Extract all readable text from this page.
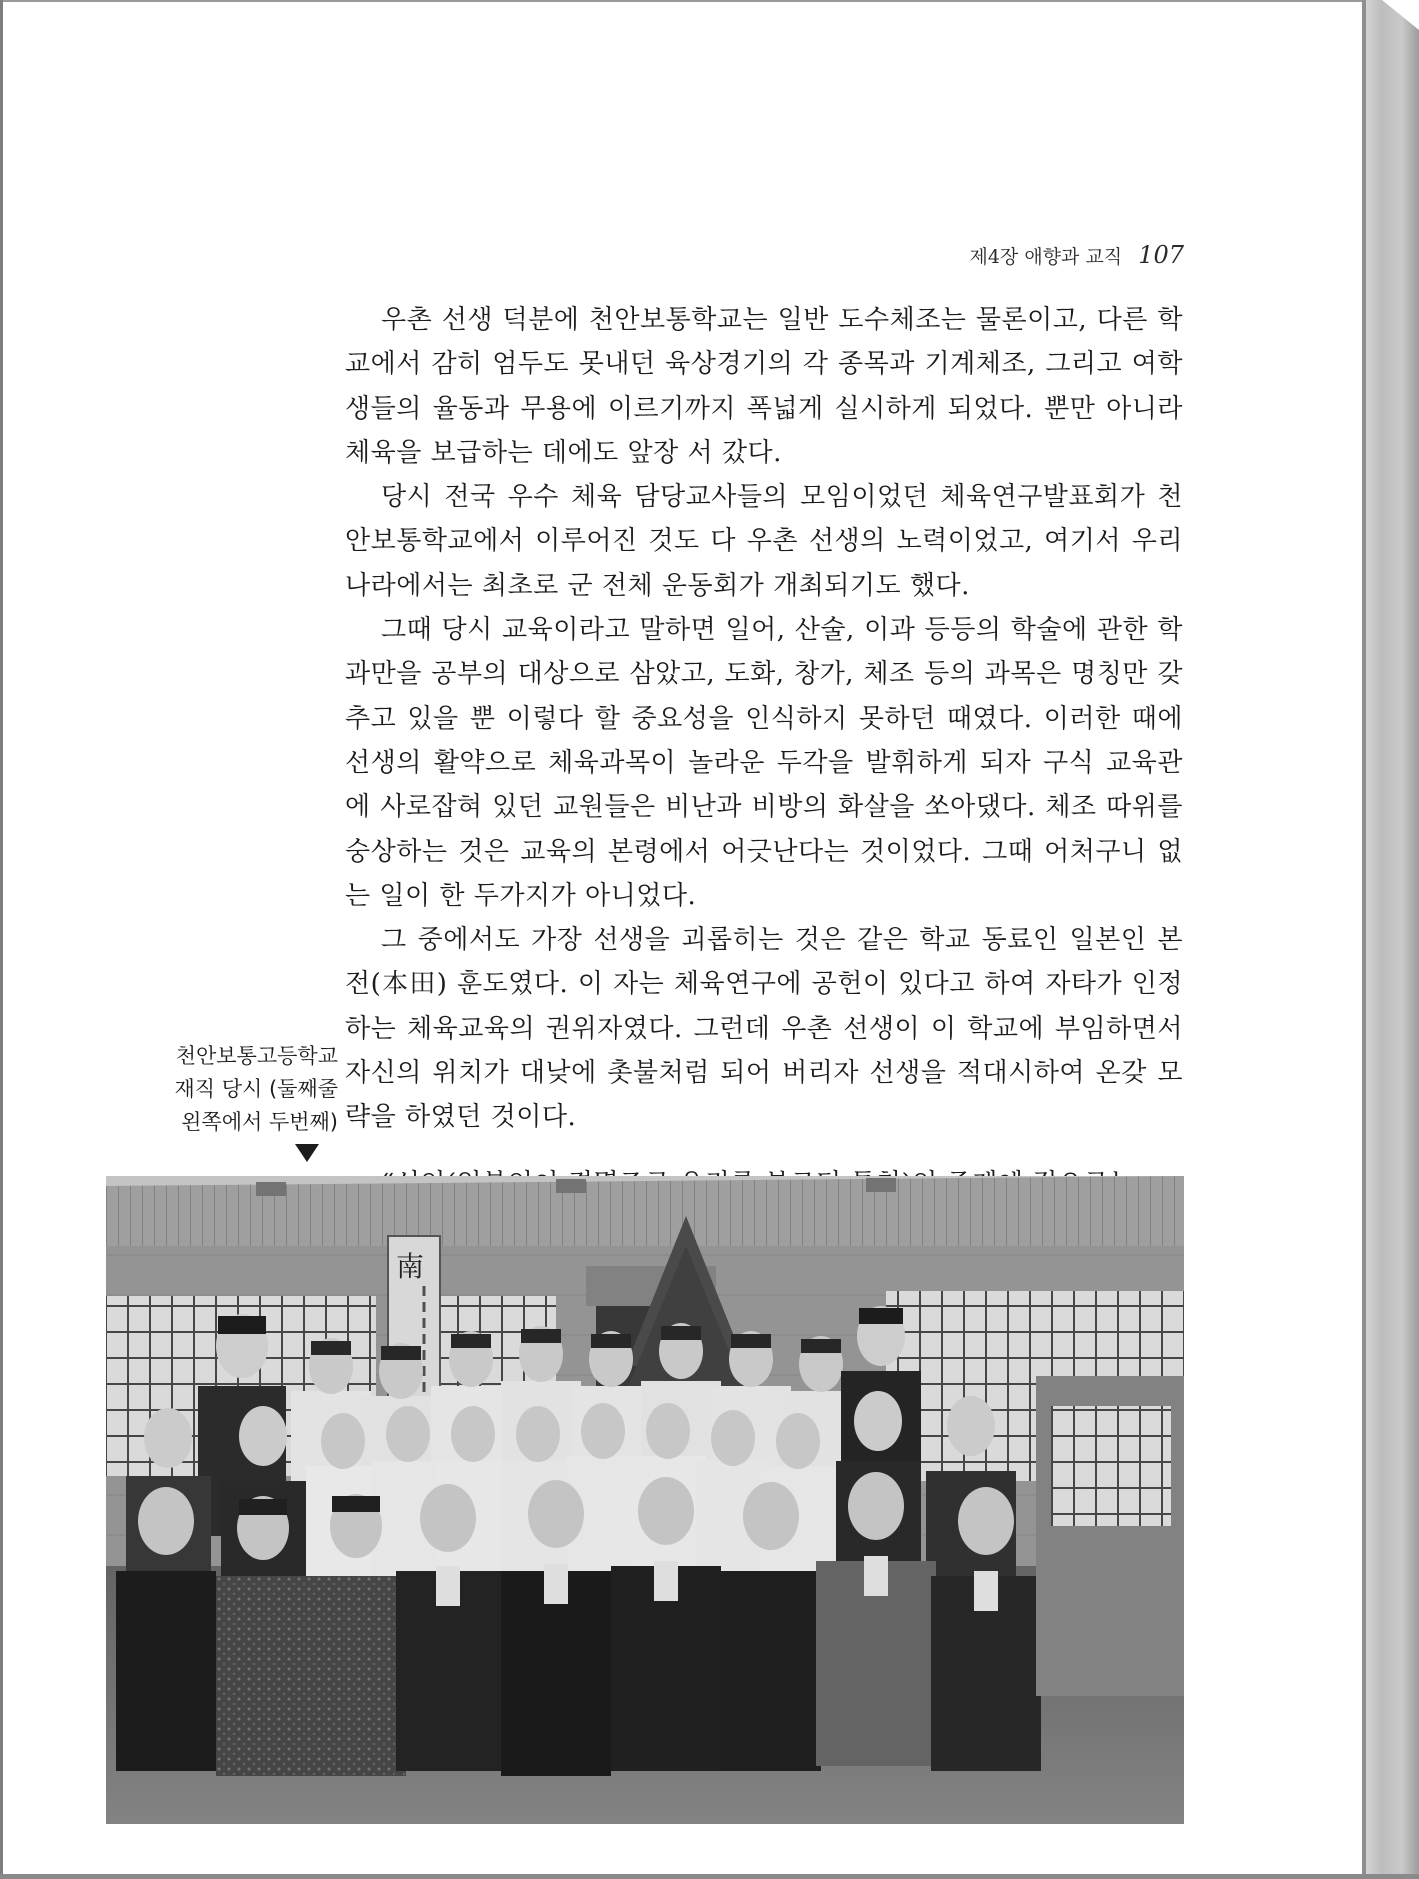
제4장 애향과 교직 107

우촌 선생 덕분에 천안보통학교는 일반 도수체조는 물론이고, 다른 학교에서 감히 엄두도 못내던 육상경기의 각 종목과 기계체조, 그리고 여학생들의 율동과 무용에 이르기까지 폭넓게 실시하게 되었다. 뿐만 아니라 체육을 보급하는 데에도 앞장 서 갔다.

당시 전국 우수 체육 담당교사들의 모임이었던 체육연구발표회가 천안보통학교에서 이루어진 것도 다 우촌 선생의 노력이었고, 여기서 우리나라에서는 최초로 군 전체 운동회가 개최되기도 했다.

그때 당시 교육이라고 말하면 일어, 산술, 이과 등등의 학술에 관한 학과만을 공부의 대상으로 삼았고, 도화, 창가, 체조 등의 과목은 명칭만 갖추고 있을 뿐 이렇다 할 중요성을 인식하지 못하던 때였다. 이러한 때에 선생의 활약으로 체육과목이 놀라운 두각을 발휘하게 되자 구식 교육관에 사로잡혀 있던 교원들은 비난과 비방의 화살을 쏘아댔다. 체조 따위를 숭상하는 것은 교육의 본령에서 어긋난다는 것이었다. 그때 어처구니 없는 일이 한 두가지가 아니었다.

그 중에서도 가장 선생을 괴롭히는 것은 같은 학교 동료인 일본인 본전(本田) 훈도였다. 이 자는 체육연구에 공헌이 있다고 하여 자타가 인정하는 체육교육의 권위자였다. 그런데 우촌 선생이 이 학교에 부임하면서 자신의 위치가 대낮에 촛불처럼 되어 버리자 선생을 적대시하여 온갖 모략을 하였던 것이다.

천안보통고등학교
재직 당시 (둘째줄
왼쪽에서 두번째)
南
